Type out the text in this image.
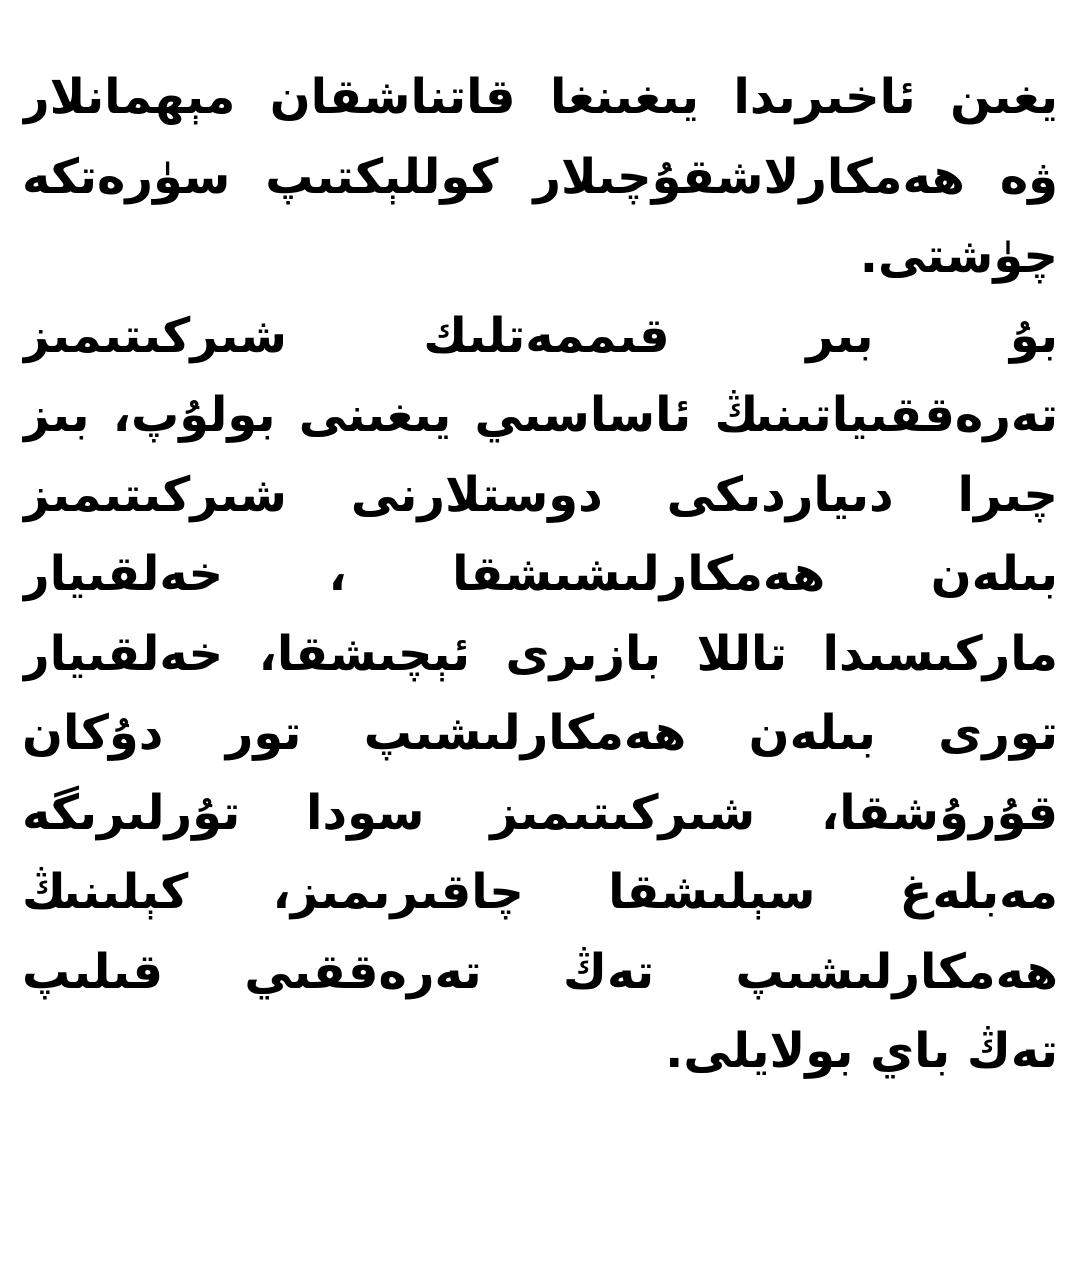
يغىن ئاخىرىدا يىغىنغا قاتناشقان مېھمانلار
ۋە ھەمكارلاشقۇچىلار كوللېكتىپ سۈرەتكە
چۈشتى.
بۇ بىر قىممەتلىك شىركىتىمىز
تەرەققىياتىنىڭ ئاساسىي يىغىنى بولۇپ، بىز
چىرا دىياردىكى دوستلارنى شىركىتىمىز
بىلەن ھەمكارلىشىشقا ، خەلقىيار
ماركىسىدا تاللا بازىرى ئېچىشقا، خەلقىيار
تورى بىلەن ھەمكارلىشىپ تور دۇكان
قۇرۇشقا، شىركىتىمىز سودا تۇرلىرىگە
مەبلەغ سېلىشقا چاقىرىمىز، كېلىنىڭ
ھەمكارلىشىپ تەڭ تەرەققىي قىلىپ
تەڭ باي بولايلى.
